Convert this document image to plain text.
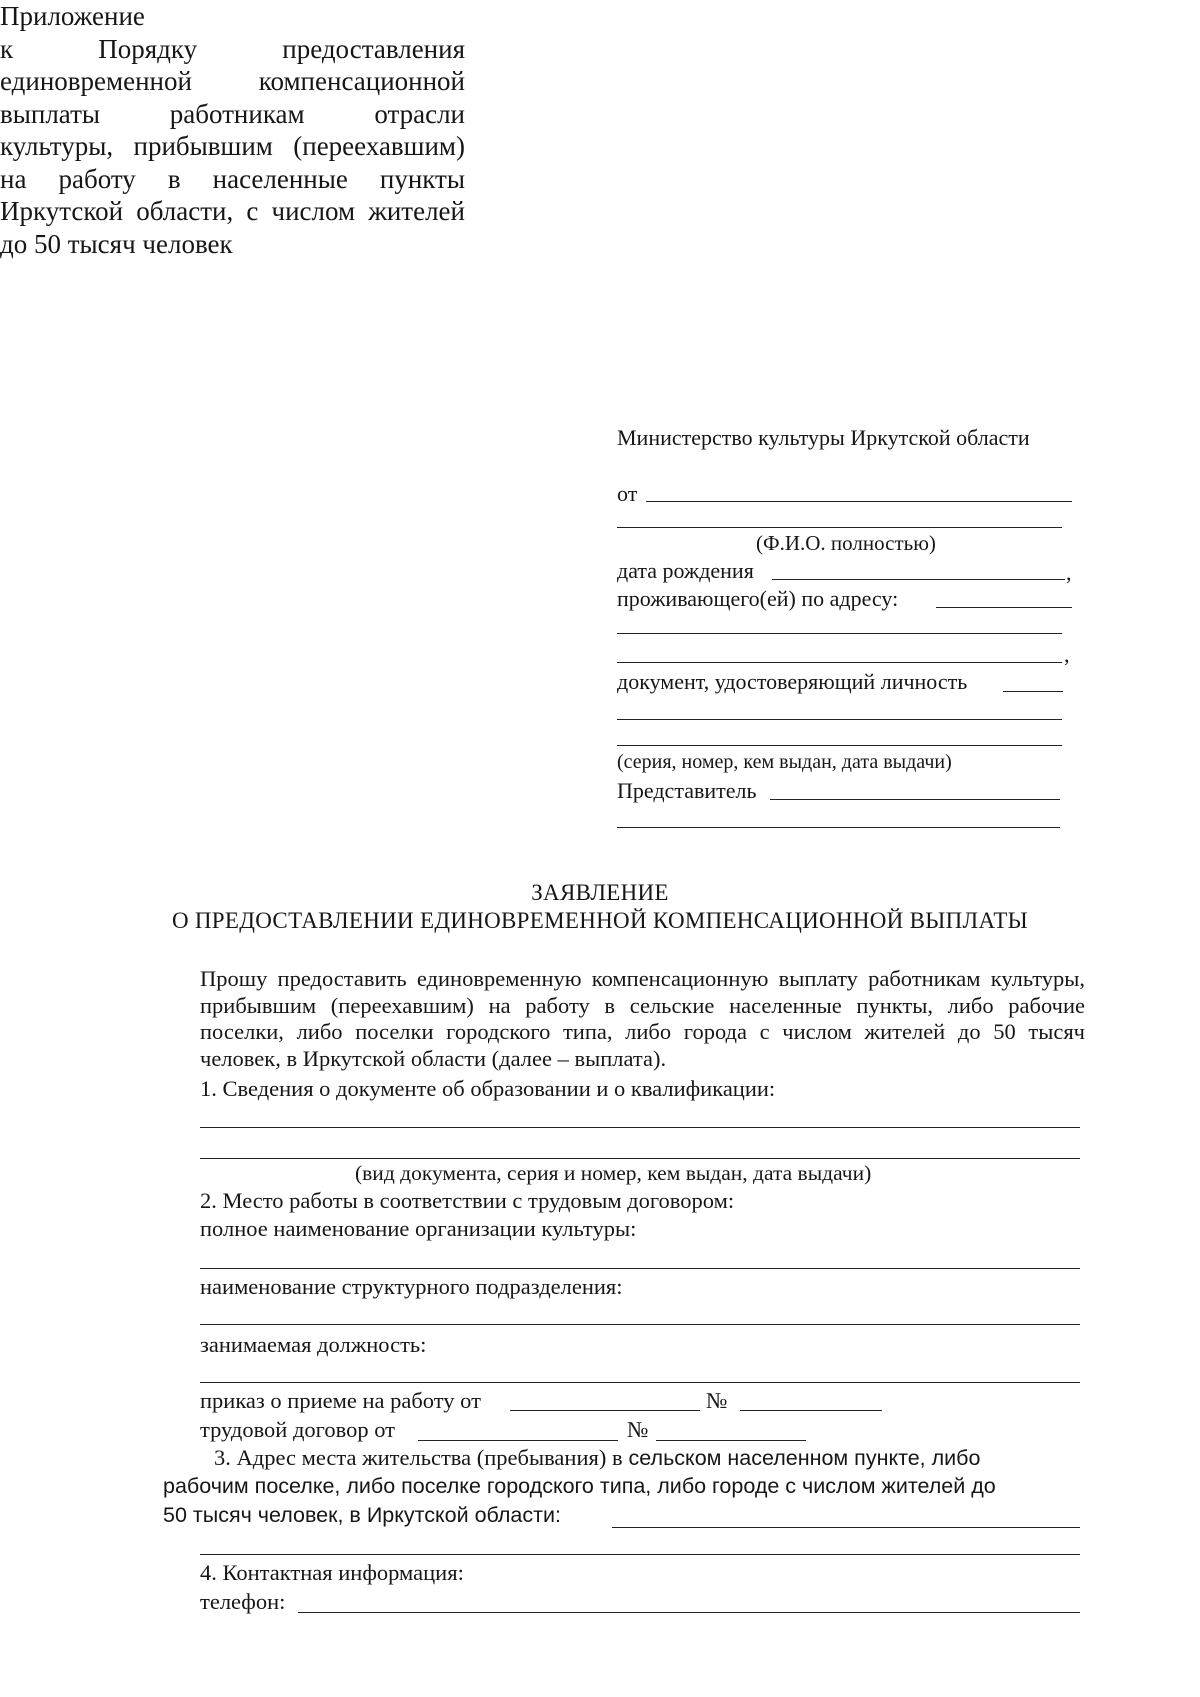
Приложение
к Порядку предоставления
единовременной компенсационной
выплаты работникам отрасли
культуры, прибывшим (переехавшим)
на работу в населенные пункты
Иркутской области, с числом жителей
до 50 тысяч человек
Министерство культуры Иркутской области
от
(Ф.И.О. полностью)
дата рождения	,
проживающего(ей) по адресу:
,
документ, удостоверяющий личность
(серия, номер, кем выдан, дата выдачи)
Представитель
ЗАЯВЛЕНИЕ
О ПРЕДОСТАВЛЕНИИ ЕДИНОВРЕМЕННОЙ КОМПЕНСАЦИОННОЙ ВЫПЛАТЫ
Прошу предоставить единовременную компенсационную выплату работникам культуры, прибывшим (переехавшим) на работу в сельские населенные пункты, либо рабочие поселки, либо поселки городского типа, либо города с числом жителей до 50 тысяч человек, в Иркутской области (далее – выплата).
1. Сведения о документе об образовании и о квалификации:
(вид документа, серия и номер, кем выдан, дата выдачи)
2. Место работы в соответствии с трудовым договором:
полное наименование организации культуры:
наименование структурного подразделения:
занимаемая должность:
приказ о приеме на работу от	№
трудовой договор от	№
3. Адрес места жительства (пребывания) в сельском населенном пункте, либо
рабочим поселке, либо поселке городского типа, либо городе с числом жителей до
50 тысяч человек, в Иркутской области:
4. Контактная информация:
телефон:
